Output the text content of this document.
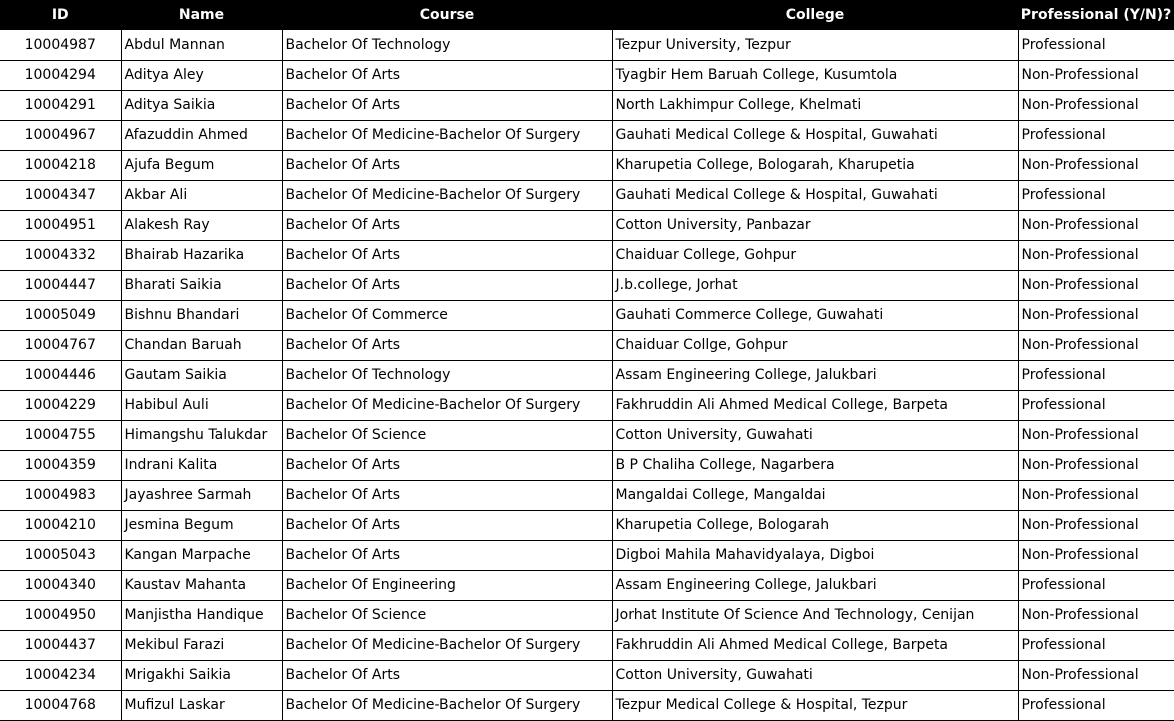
ID	Name	Course	College	Professional (Y/N)?
10004987	Abdul Mannan	Bachelor Of Technology	Tezpur University, Tezpur	Professional
10004294	Aditya Aley	Bachelor Of Arts	Tyagbir Hem Baruah College, Kusumtola	Non-Professional
10004291	Aditya Saikia	Bachelor Of Arts	North Lakhimpur College, Khelmati	Non-Professional
10004967	Afazuddin Ahmed	Bachelor Of Medicine-Bachelor Of Surgery	Gauhati Medical College & Hospital, Guwahati	Professional
10004218	Ajufa Begum	Bachelor Of Arts	Kharupetia College, Bologarah, Kharupetia	Non-Professional
10004347	Akbar Ali	Bachelor Of Medicine-Bachelor Of Surgery	Gauhati Medical College & Hospital, Guwahati	Professional
10004951	Alakesh Ray	Bachelor Of Arts	Cotton University, Panbazar	Non-Professional
10004332	Bhairab Hazarika	Bachelor Of Arts	Chaiduar College, Gohpur	Non-Professional
10004447	Bharati Saikia	Bachelor Of Arts	J.b.college, Jorhat	Non-Professional
10005049	Bishnu Bhandari	Bachelor Of Commerce	Gauhati Commerce College, Guwahati	Non-Professional
10004767	Chandan Baruah	Bachelor Of Arts	Chaiduar Collge, Gohpur	Non-Professional
10004446	Gautam Saikia	Bachelor Of Technology	Assam Engineering College, Jalukbari	Professional
10004229	Habibul Auli	Bachelor Of Medicine-Bachelor Of Surgery	Fakhruddin Ali Ahmed Medical College, Barpeta	Professional
10004755	Himangshu Talukdar	Bachelor Of Science	Cotton University, Guwahati	Non-Professional
10004359	Indrani Kalita	Bachelor Of Arts	B P Chaliha College, Nagarbera	Non-Professional
10004983	Jayashree Sarmah	Bachelor Of Arts	Mangaldai College, Mangaldai	Non-Professional
10004210	Jesmina Begum	Bachelor Of Arts	Kharupetia College, Bologarah	Non-Professional
10005043	Kangan Marpache	Bachelor Of Arts	Digboi Mahila Mahavidyalaya, Digboi	Non-Professional
10004340	Kaustav Mahanta	Bachelor Of Engineering	Assam Engineering College, Jalukbari	Professional
10004950	Manjistha Handique	Bachelor Of Science	Jorhat Institute Of Science And Technology, Cenijan	Non-Professional
10004437	Mekibul Farazi	Bachelor Of Medicine-Bachelor Of Surgery	Fakhruddin Ali Ahmed Medical College, Barpeta	Professional
10004234	Mrigakhi Saikia	Bachelor Of Arts	Cotton University, Guwahati	Non-Professional
10004768	Mufizul Laskar	Bachelor Of Medicine-Bachelor Of Surgery	Tezpur Medical College & Hospital, Tezpur	Professional
